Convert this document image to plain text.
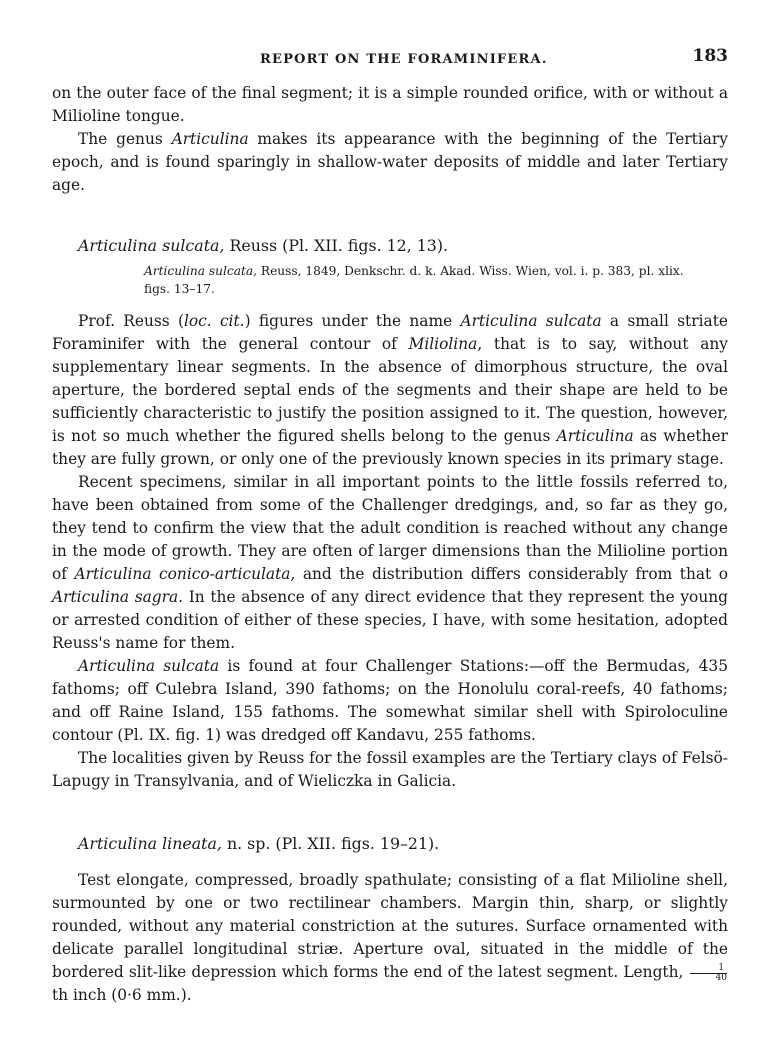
REPORT ON THE FORAMINIFERA.	183

on the outer face of the final segment; it is a simple rounded orifice, with or without a Milioline tongue.

The genus Articulina makes its appearance with the beginning of the Tertiary epoch, and is found sparingly in shallow-water deposits of middle and later Tertiary age.

Articulina sulcata, Reuss (Pl. XII. figs. 12, 13).

Articulina sulcata, Reuss, 1849, Denkschr. d. k. Akad. Wiss. Wien, vol. i. p. 383, pl. xlix.

figs. 13–17.

Prof. Reuss (loc. cit.) figures under the name Articulina sulcata a small striate Foraminifer with the general contour of Miliolina, that is to say, without any supplementary linear segments. In the absence of dimorphous structure, the oval aperture, the bordered septal ends of the segments and their shape are held to be sufficiently characteristic to justify the position assigned to it. The question, however, is not so much whether the figured shells belong to the genus Articulina as whether they are fully grown, or only one of the previously known species in its primary stage.

Recent specimens, similar in all important points to the little fossils referred to, have been obtained from some of the Challenger dredgings, and, so far as they go, they tend to confirm the view that the adult condition is reached without any change in the mode of growth. They are often of larger dimensions than the Milioline portion of Articulina conico-articulata, and the distribution differs considerably from that o Articulina sagra. In the absence of any direct evidence that they represent the young or arrested condition of either of these species, I have, with some hesitation, adopted Reuss's name for them.

Articulina sulcata is found at four Challenger Stations:—off the Bermudas, 435 fathoms; off Culebra Island, 390 fathoms; on the Honolulu coral-reefs, 40 fathoms; and off Raine Island, 155 fathoms. The somewhat similar shell with Spiroloculine contour (Pl. IX. fig. 1) was dredged off Kandavu, 255 fathoms.

The localities given by Reuss for the fossil examples are the Tertiary clays of Felsö-Lapugy in Transylvania, and of Wieliczka in Galicia.

Articulina lineata, n. sp. (Pl. XII. figs. 19–21).

Test elongate, compressed, broadly spathulate; consisting of a flat Milioline shell, surmounted by one or two rectilinear chambers. Margin thin, sharp, or slightly rounded, without any material constriction at the sutures. Surface ornamented with delicate parallel longitudinal striæ. Aperture oval, situated in the middle of the bordered slit-like depression which forms the end of the latest segment. Length, $\frac{1}{40}$
th inch (0·6 mm.).
